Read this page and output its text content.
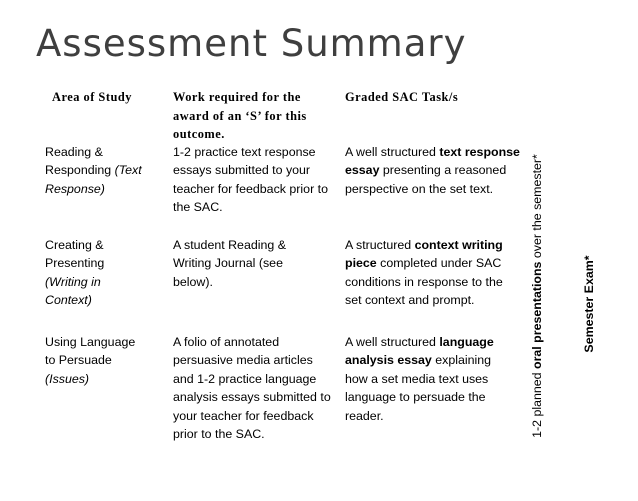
Assessment Summary
Area of Study	Work required for the award of an ‘S’ for this outcome.
Graded SAC Task/s
Reading &
Responding (Text
Response)
1-2 practice text response essays submitted to your teacher for feedback prior to the SAC.
A well structured text response essay presenting a reasoned perspective on the set text.
Creating &
Presenting
(Writing in
Context)
A student Reading & Writing Journal (see below).
A structured context writing piece completed under SAC conditions in response to the set context and prompt.
Using Language
to Persuade
(Issues)
A folio of annotated persuasive media articles and 1-2 practice language analysis essays submitted to your teacher for feedback prior to the SAC.
A well structured language analysis essay explaining how a set media text uses language to persuade the reader.	1-2 planned oral presentations over the semester*
Semester Exam*
